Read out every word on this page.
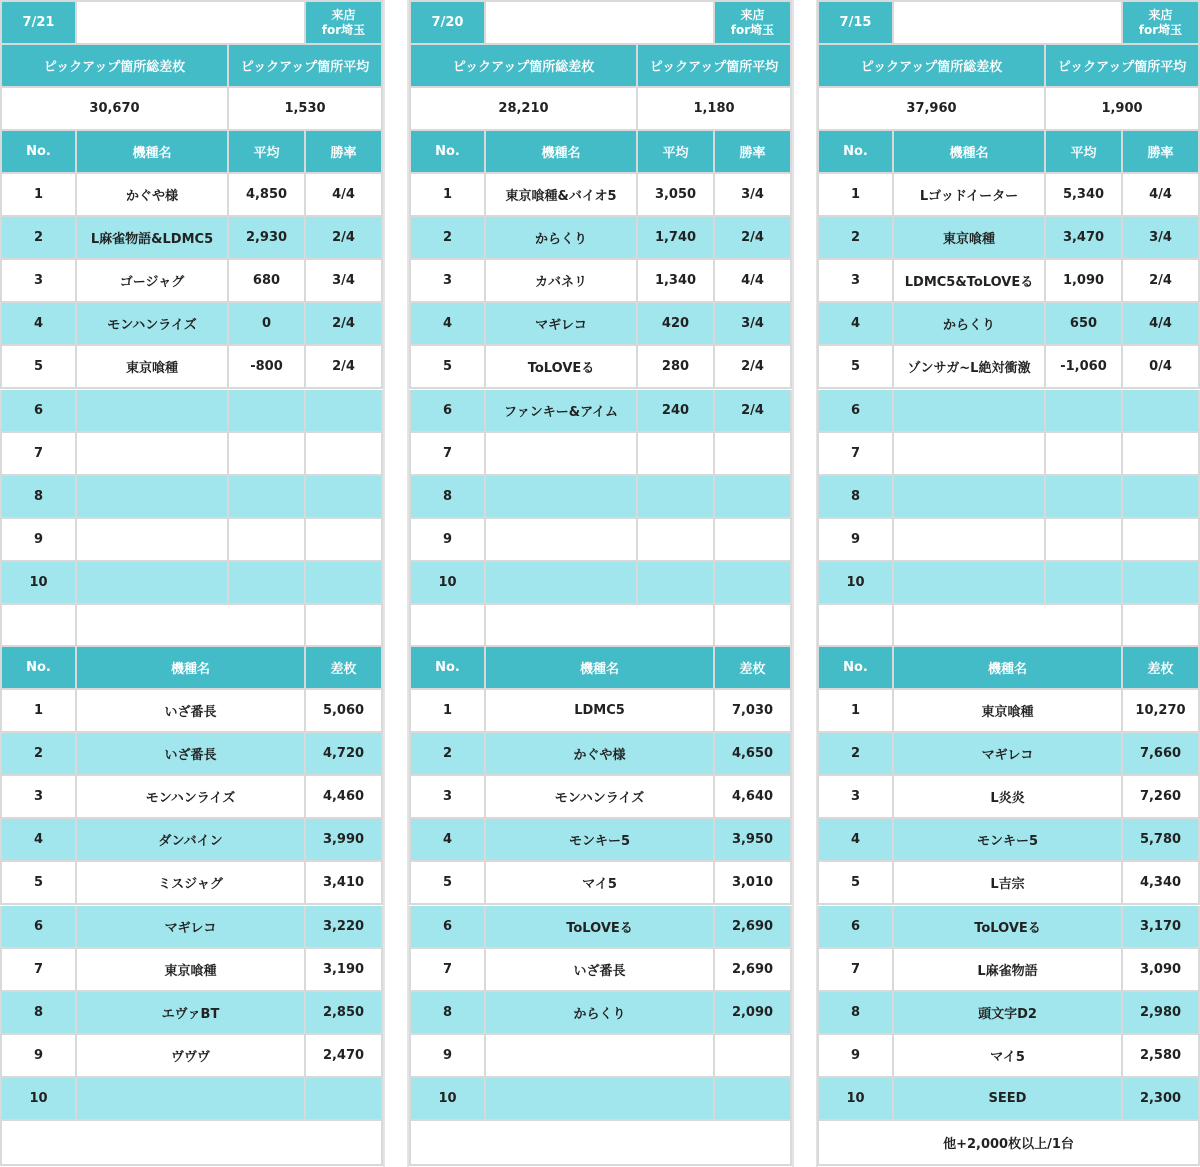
7/21	ピーアーク朝霞
来店
for埼玉
ピックアップ箇所総差枚	ピックアップ箇所平均
30,670	1,530
No.	機種名	平均	勝率
1	かぐや様	4,850	4/4
2	L麻雀物語&LDMC5	2,930	2/4
3	ゴージャグ	680	3/4
4	モンハンライズ	0	2/4
5	東京喰種	-800	2/4
6
7
8
9
10
No.	機種名	差枚
1	いざ番長	5,060
2	いざ番長	4,720
3	モンハンライズ	4,460
4	ダンバイン	3,990
5	ミスジャグ	3,410
6	マギレコ	3,220
7	東京喰種	3,190
8	エヴァBT	2,850
9	ヴヴヴ	2,470
10
7/20	ピーアーク朝霞
来店
for埼玉
ピックアップ箇所総差枚	ピックアップ箇所平均
28,210	1,180
No.	機種名	平均	勝率
1	東京喰種&バイオ5	3,050	3/4
2	からくり	1,740	2/4
3	カバネリ	1,340	4/4
4	マギレコ	420	3/4
5	ToLOVEる	280	2/4
6	ファンキー&アイム	240	2/4
7
8
9
10
No.	機種名	差枚
1	LDMC5	7,030
2	かぐや様	4,650
3	モンハンライズ	4,640
4	モンキー5	3,950
5	マイ5	3,010
6	ToLOVEる	2,690
7	いざ番長	2,690
8	からくり	2,090
9
10
7/15	ピーアーク朝霞
来店
for埼玉
ピックアップ箇所総差枚	ピックアップ箇所平均
37,960	1,900
No.	機種名	平均	勝率
1	Lゴッドイーター	5,340	4/4
2	東京喰種	3,470	3/4
3	LDMC5&ToLOVEる	1,090	2/4
4	からくり	650	4/4
5	ゾンサガ~L絶対衝激	-1,060	0/4
6
7
8
9
10
No.	機種名	差枚
1	東京喰種	10,270
2	マギレコ	7,660
3	L炎炎	7,260
4	モンキー5	5,780
5	L吉宗	4,340
6	ToLOVEる	3,170
7	L麻雀物語	3,090
8	頭文字D2	2,980
9	マイ5	2,580
10	SEED	2,300
他+2,000枚以上/1台
